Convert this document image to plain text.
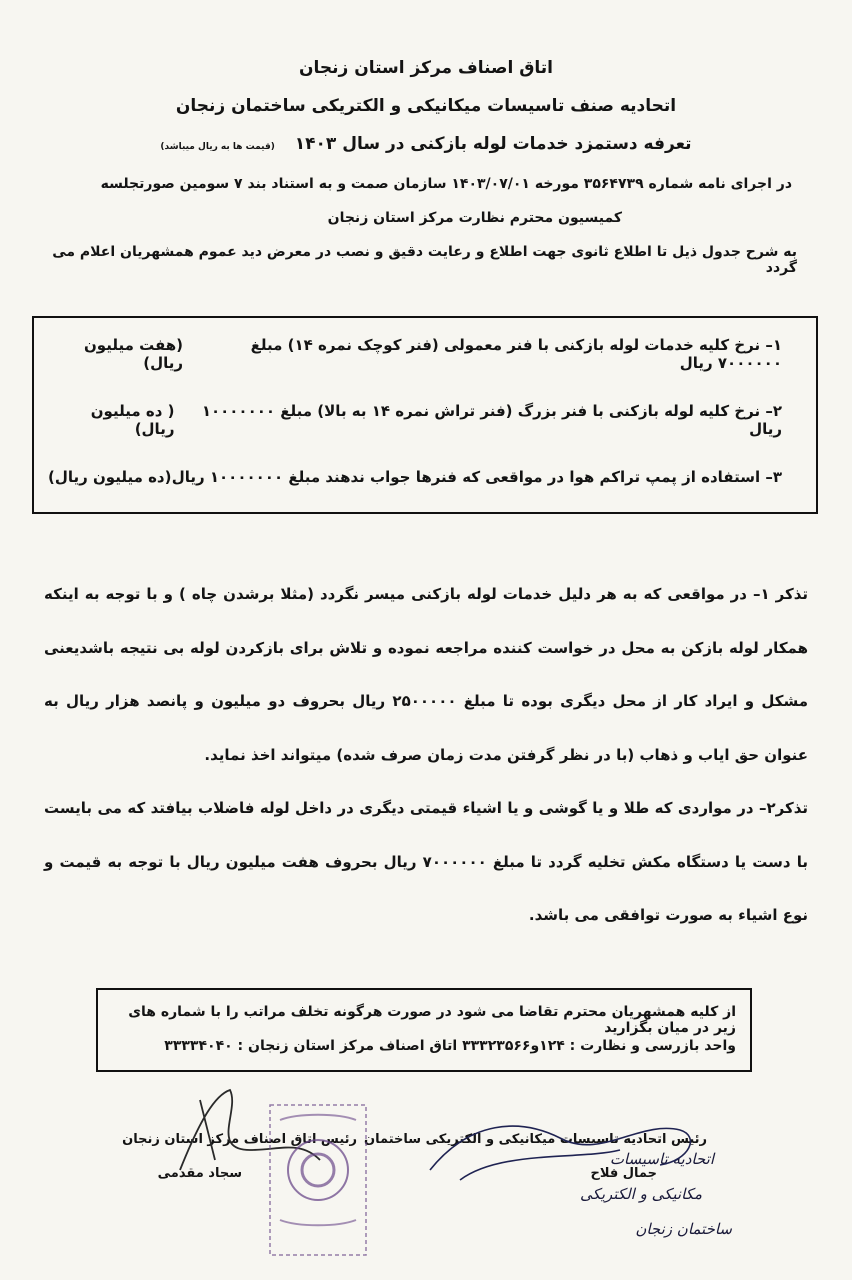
اتاق اصناف مرکز استان زنجان
اتحادیه صنف تاسیسات میکانیکی و الکتریکی ساختمان زنجان
تعرفه دستمزد خدمات لوله بازکنی در سال ۱۴۰۳ (قیمت ها به ریال میباشد)
در اجرای نامه شماره ۳۵۶۴۷۳۹ مورخه ۱۴۰۳/۰۷/۰۱ سازمان صمت و به استناد بند ۷ سومین صورتجلسه
کمیسیون محترم نظارت مرکز استان زنجان
به شرح جدول ذیل تا اطلاع ثانوی جهت اطلاع و رعایت دقیق و نصب در معرض دید عموم همشهریان اعلام می گردد
۱– نرخ کلیه خدمات لوله بازکنی با فنر معمولی (فنر کوچک نمره ۱۴) مبلغ ۷۰۰۰۰۰۰ ریال
(هفت میلیون ریال)
۲– نرخ کلیه لوله بازکنی با فنر بزرگ (فنر تراش نمره ۱۴ به بالا) مبلغ ۱۰۰۰۰۰۰۰ ریال
( ده میلیون ریال)
۳– استفاده از پمپ تراکم هوا در مواقعی که فنرها جواب ندهند مبلغ ۱۰۰۰۰۰۰۰ ریال
(ده میلیون ریال)

تذکر ۱– در مواقعی که به هر دلیل خدمات لوله بازکنی میسر نگردد (مثلا برشدن چاه ) و با توجه به اینکه همکار لوله بازکن به محل در خواست کننده مراجعه نموده و تلاش برای بازکردن لوله بی نتیجه باشدیعنی مشکل و ایراد کار از محل دیگری بوده تا مبلغ ۲۵۰۰۰۰۰ ریال بحروف دو میلیون و پانصد هزار ریال به عنوان حق ایاب و ذهاب (با در نظر گرفتن مدت زمان صرف شده) میتواند اخذ نماید.

تذکر۲– در مواردی که طلا و یا گوشی و یا اشیاء قیمتی دیگری در داخل لوله فاضلاب بیافتد که می بایست با دست یا دستگاه مکش تخلیه گردد تا مبلغ ۷۰۰۰۰۰۰ ریال بحروف هفت میلیون ریال با توجه به قیمت و نوع اشیاء به صورت توافقی می باشد.

از کلیه همشهریان محترم تقاضا می شود در صورت هرگونه تخلف مراتب را با شماره های زیر در میان بگزارید
واحد بازرسی و نظارت : ۱۲۴و۳۳۳۲۳۵۶۶ اتاق اصناف مرکز استان زنجان : ۳۳۳۳۴۰۴۰
رئیس اتحادیه تاسیسات میکانیکی و الکتریکی ساختمان
جمال فلاح
رئیس اتاق اصناف مرکز استان زنجان
سجاد مقدمی
اتحادیه تاسیسات
مکانیکی و الکتریکی
ساختمان زنجان
